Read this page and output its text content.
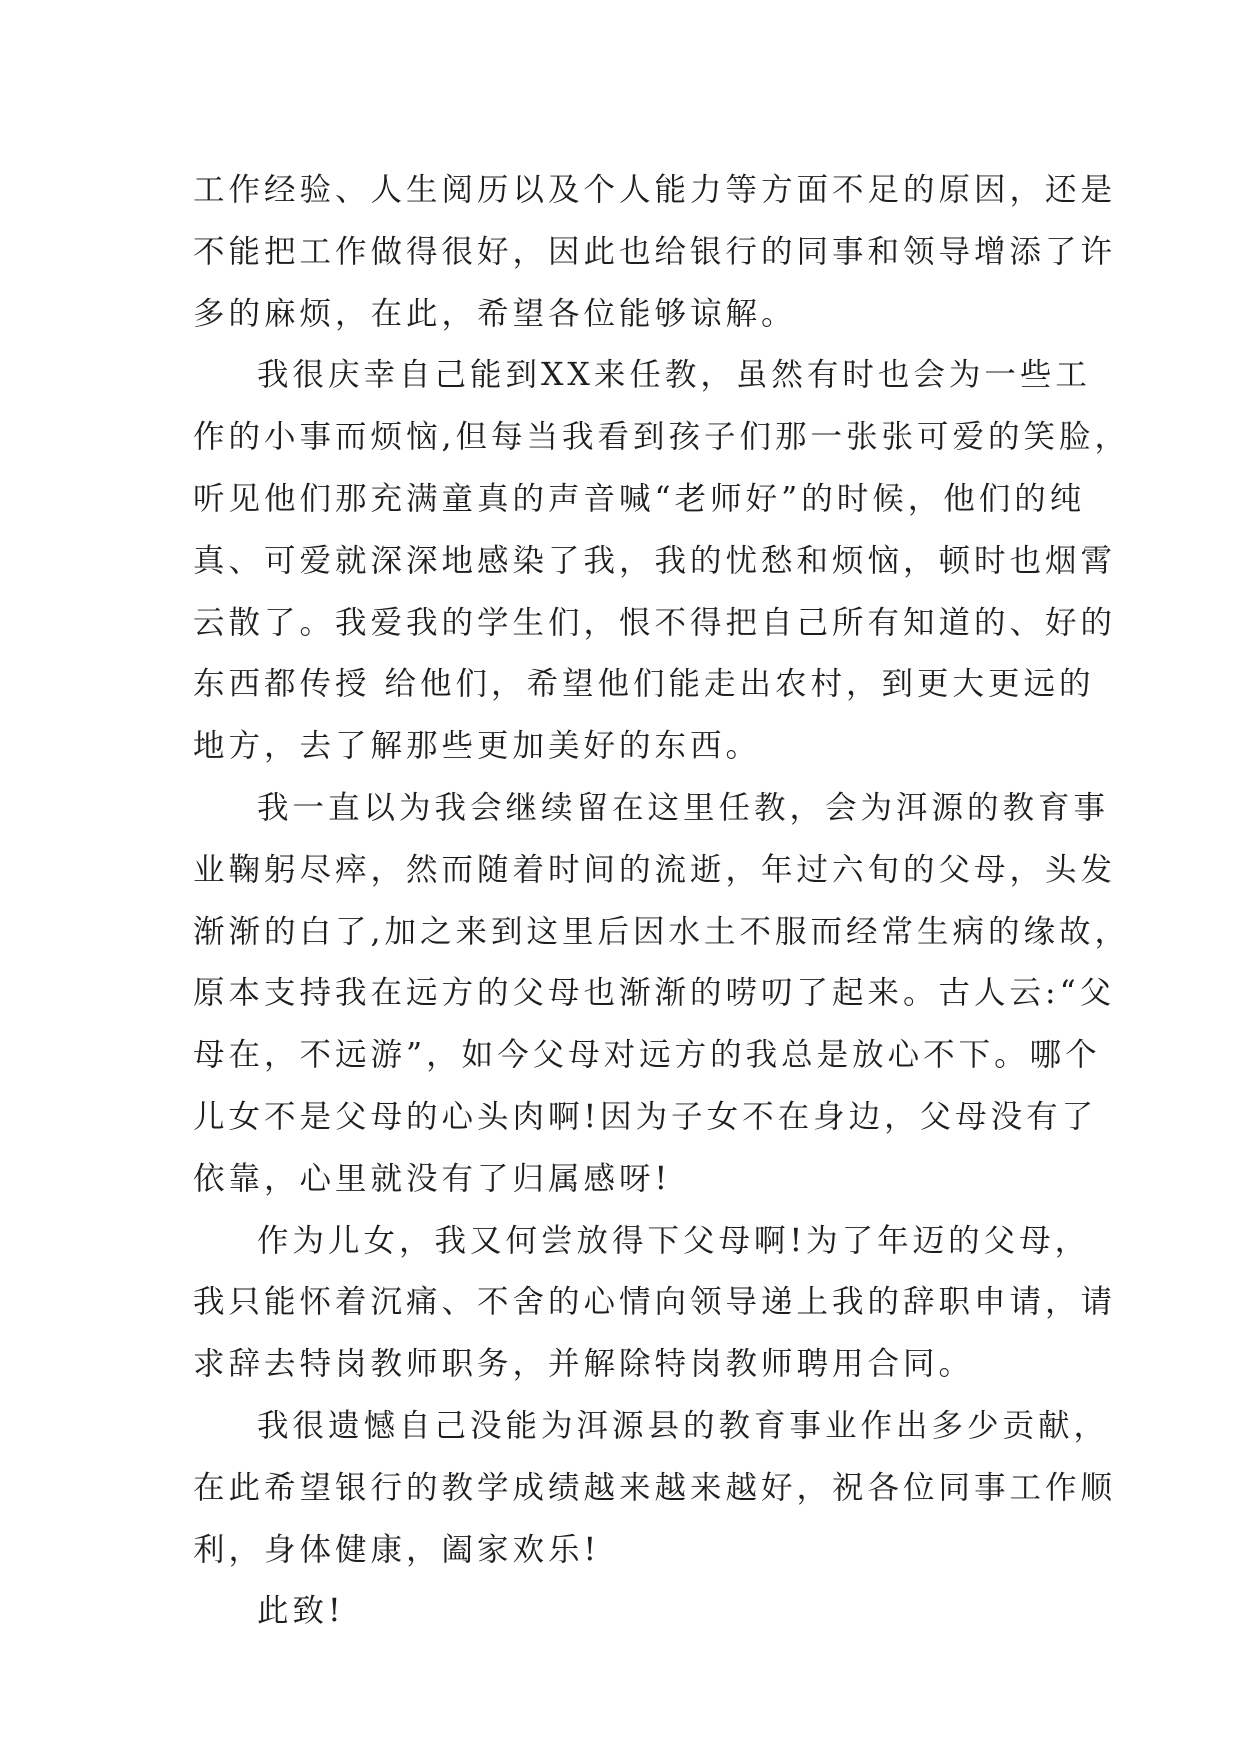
工作经验、人生阅历以及个人能力等方面不足的原因，还是
不能把工作做得很好，因此也给银行的同事和领导增添了许
多的麻烦，在此，希望各位能够谅解。
我很庆幸自己能到XX来任教，虽然有时也会为一些工
作的小事而烦恼,但每当我看到孩子们那一张张可爱的笑脸，
听见他们那充满童真的声音喊“老师好”的时候，他们的纯
真、可爱就深深地感染了我，我的忧愁和烦恼，顿时也烟霄
云散了。我爱我的学生们，恨不得把自己所有知道的、好的
东西都传授 给他们，希望他们能走出农村，到更大更远的
地方，去了解那些更加美好的东西。
我一直以为我会继续留在这里任教，会为洱源的教育事
业鞠躬尽瘁，然而随着时间的流逝，年过六旬的父母，头发
渐渐的白了,加之来到这里后因水土不服而经常生病的缘故，
原本支持我在远方的父母也渐渐的唠叨了起来。古人云:“父
母在，不远游”，如今父母对远方的我总是放心不下。哪个
儿女不是父母的心头肉啊!因为子女不在身边，父母没有了
依靠，心里就没有了归属感呀!
作为儿女，我又何尝放得下父母啊!为了年迈的父母，
我只能怀着沉痛、不舍的心情向领导递上我的辞职申请，请
求辞去特岗教师职务，并解除特岗教师聘用合同。
我很遗憾自己没能为洱源县的教育事业作出多少贡献，
在此希望银行的教学成绩越来越来越好，祝各位同事工作顺
利，身体健康，阖家欢乐!
此致!
